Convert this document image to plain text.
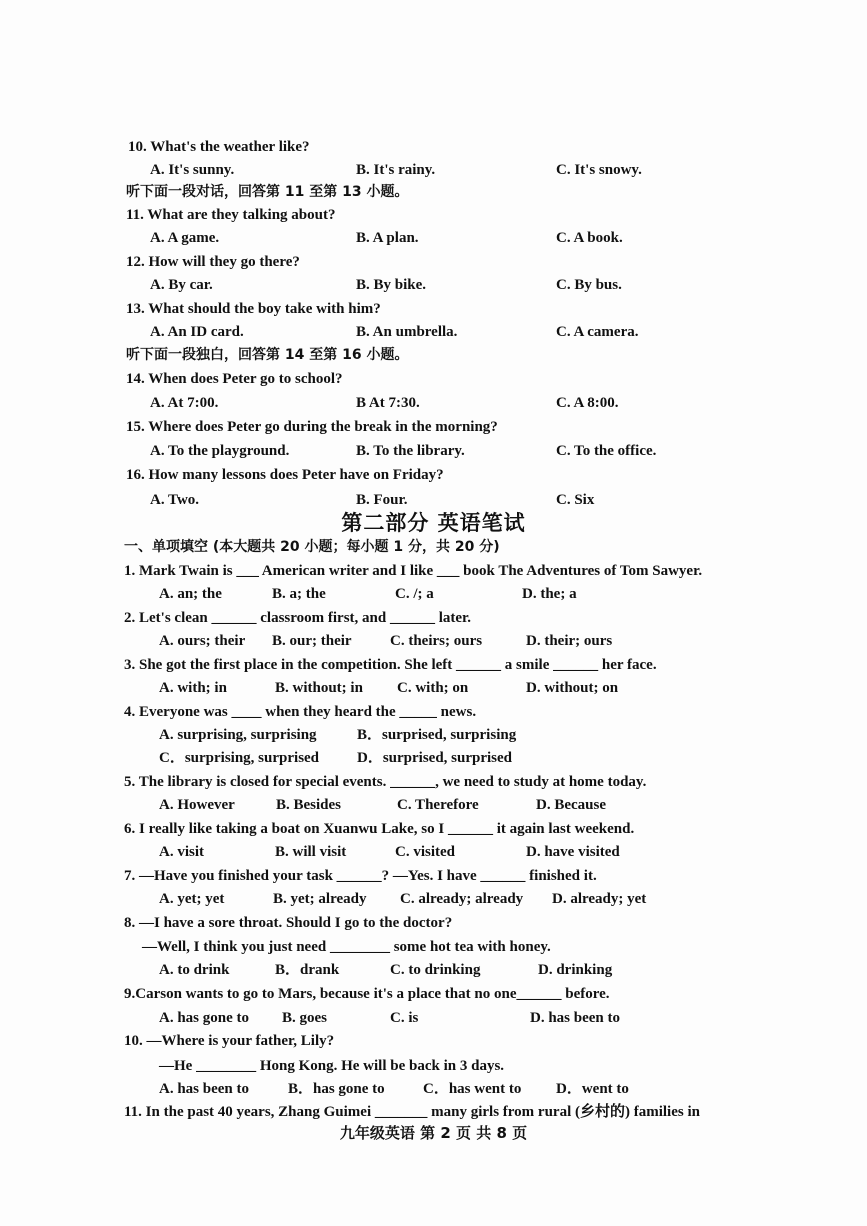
10. What's the weather like?
A. It's sunny.	B. It's rainy.	C. It's snowy.
听下面一段对话，回答第 11 至第 13 小题。
11. What are they talking about?
A. A game.	B. A plan.	C. A book.
12. How will they go there?
A. By car.	B. By bike.	C. By bus.
13. What should the boy take with him?
A. An ID card.	B. An umbrella.	C. A camera.
听下面一段独白，回答第 14 至第 16 小题。
14. When does Peter go to school?
A. At 7:00.	B At 7:30.	C. A 8:00.
15. Where does Peter go during the break in the morning?
A. To the playground.	B. To the library.	C. To the office.
16. How many lessons does Peter have on Friday?
A. Two.	B. Four.	C. Six
第二部分 英语笔试
一、单项填空 (本大题共 20 小题；每小题 1 分，共 20 分)
1. Mark Twain is ___ American writer and I like ___ book The Adventures of Tom Sawyer.
A. an; the	B. a; the	C. /; a	D. the; a
2. Let's clean ______ classroom first, and ______ later.
A. ours; their B. our; their	C. theirs; ours	D. their; ours
3. She got the first place in the competition. She left ______ a smile ______ her face.
A. with; in	B. without; in C. with; on	D. without; on
4. Everyone was ____ when they heard the _____ news.
A. surprising, surprising	B．surprised, surprising
C．surprising, surprised	D．surprised, surprised
5. The library is closed for special events. ______, we need to study at home today.
A. However	B. Besides	C. Therefore	D. Because
6. I really like taking a boat on Xuanwu Lake, so I ______ it again last weekend.
A. visit	B. will visit	C. visited	D. have visited
7. —Have you finished your task ______? —Yes. I have ______ finished it.
A. yet; yet	B. yet; already C. already; already D. already; yet
8. —I have a sore throat. Should I go to the doctor?
—Well, I think you just need ________ some hot tea with honey.
A. to drink	B．drank	C. to drinking	D. drinking
9.Carson wants to go to Mars, because it's a place that no one______ before.
A. has gone to B. goes	C. is	D. has been to
10. —Where is your father, Lily?
—He ________ Hong Kong. He will be back in 3 days.
A. has been to	B．has gone to	C．has went to D．went to
11. In the past 40 years, Zhang Guimei _______ many girls from rural (乡村的) families in
九年级英语 第 2 页 共 8 页
